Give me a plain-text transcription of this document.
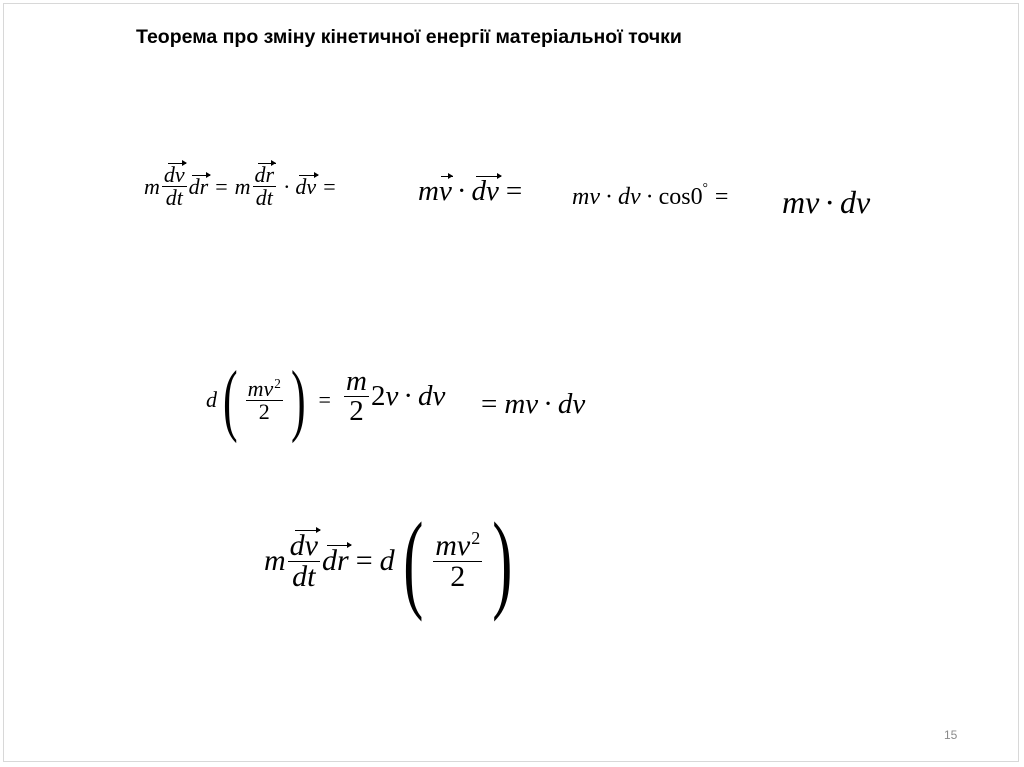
Теорема про зміну кінетичної енергії матеріальної точки
m $\frac{dv}{dt}$ dr = m $\frac{dr}{dt}$ · dv =	m v · dv = mv · dv · cos 0° = mv · dv
d ( $\frac{mv^2}{2}$ ) = $\frac{m}{2} 2$ v · dv = mv · dv
m $\frac{dv}{dt}$ dr = d ( $\frac{mv^2}{2}$ )
15
